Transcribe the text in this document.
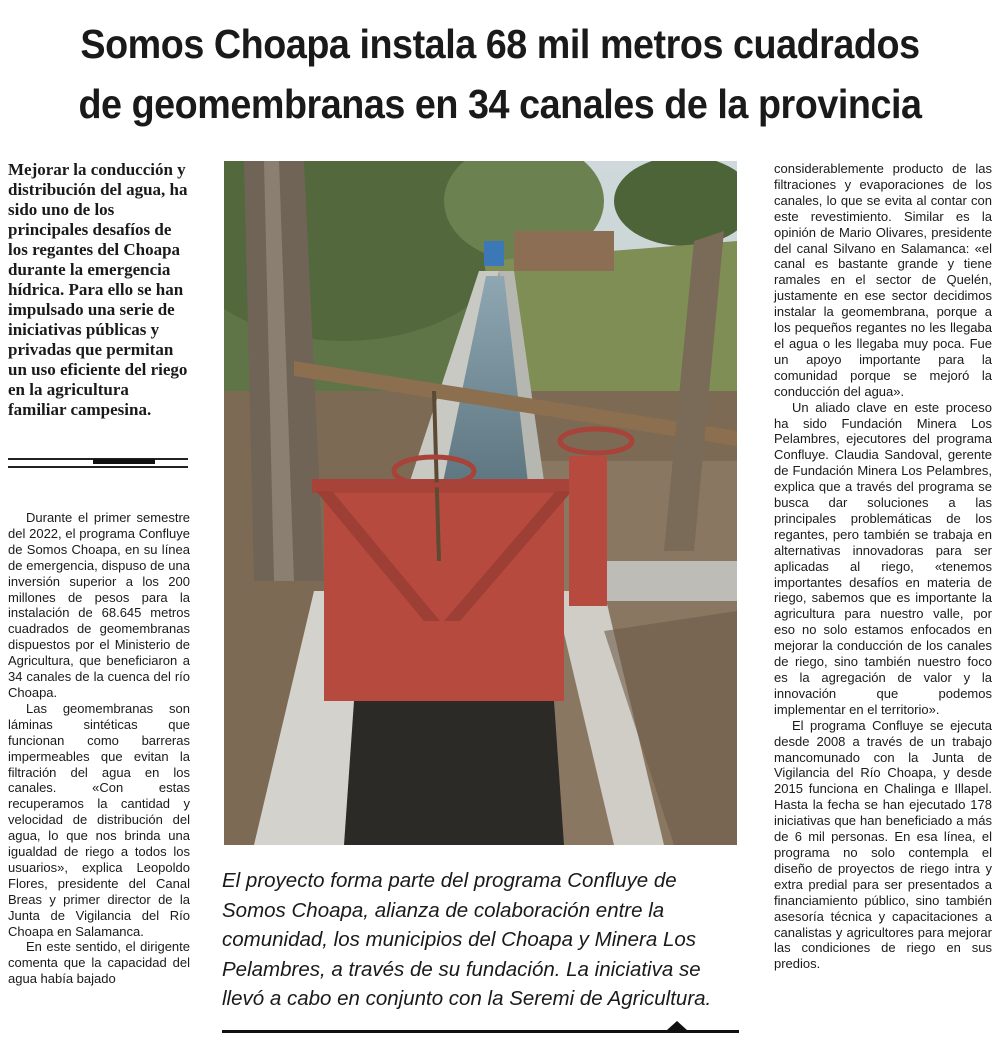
Somos Choapa instala 68 mil metros cuadrados
de geomembranas en 34 canales de la provincia

Mejorar la conducción y distribución del agua, ha sido uno de los principales desafíos de los regantes del Choapa durante la emergencia hídrica. Para ello se han impulsado una serie de iniciativas públicas y privadas que permitan un uso eficiente del riego en la agricultura familiar campesina.

Durante el primer semestre del 2022, el programa Confluye de Somos Choapa, en su línea de emergencia, dispuso de una inversión superior a los 200 millones de pesos para la instalación de 68.645 metros cuadrados de geomembranas dispuestos por el Ministerio de Agricultura, que beneficiaron a 34 canales de la cuenca del río Choapa.

Las geomembranas son láminas sintéticas que funcionan como barreras impermeables que evitan la filtración del agua en los canales. «Con estas recuperamos la cantidad y velocidad de distribución del agua, lo que nos brinda una igualdad de riego a todos los usuarios», explica Leopoldo Flores, presidente del Canal Breas y primer director de la Junta de Vigilancia del Río Choapa en Salamanca.

En este sentido, el dirigente comenta que la capacidad del agua había bajado

El proyecto forma parte del programa Confluye de Somos Choapa, alianza de colaboración entre la comunidad, los municipios del Choapa y Minera Los Pelambres, a través de su fundación. La iniciativa se llevó a cabo en conjunto con la Seremi de Agricultura.

considerablemente producto de las filtraciones y evaporaciones de los canales, lo que se evita al contar con este revestimiento. Similar es la opinión de Mario Olivares, presidente del canal Silvano en Salamanca: «el canal es bastante grande y tiene ramales en el sector de Quelén, justamente en ese sector decidimos instalar la geomembrana, porque a los pequeños regantes no les llegaba el agua o les llegaba muy poca. Fue un apoyo importante para la comunidad porque se mejoró la conducción del agua».

Un aliado clave en este proceso ha sido Fundación Minera Los Pelambres, ejecutores del programa Confluye. Claudia Sandoval, gerente de Fundación Minera Los Pelambres, explica que a través del programa se busca dar soluciones a las principales problemáticas de los regantes, pero también se trabaja en alternativas innovadoras para ser aplicadas al riego, «tenemos importantes desafíos en materia de riego, sabemos que es importante la agricultura para nuestro valle, por eso no solo estamos enfocados en mejorar la conducción de los canales de riego, sino también nuestro foco es la agregación de valor y la innovación que podemos implementar en el territorio».

El programa Confluye se ejecuta desde 2008 a través de un trabajo mancomunado con la Junta de Vigilancia del Río Choapa, y desde 2015 funciona en Chalinga e Illapel. Hasta la fecha se han ejecutado 178 iniciativas que han beneficiado a más de 6 mil personas. En esa línea, el programa no solo contempla el diseño de proyectos de riego intra y extra predial para ser presentados a financiamiento público, sino también asesoría técnica y capacitaciones a canalistas y agricultores para mejorar las condiciones de riego en sus predios.
